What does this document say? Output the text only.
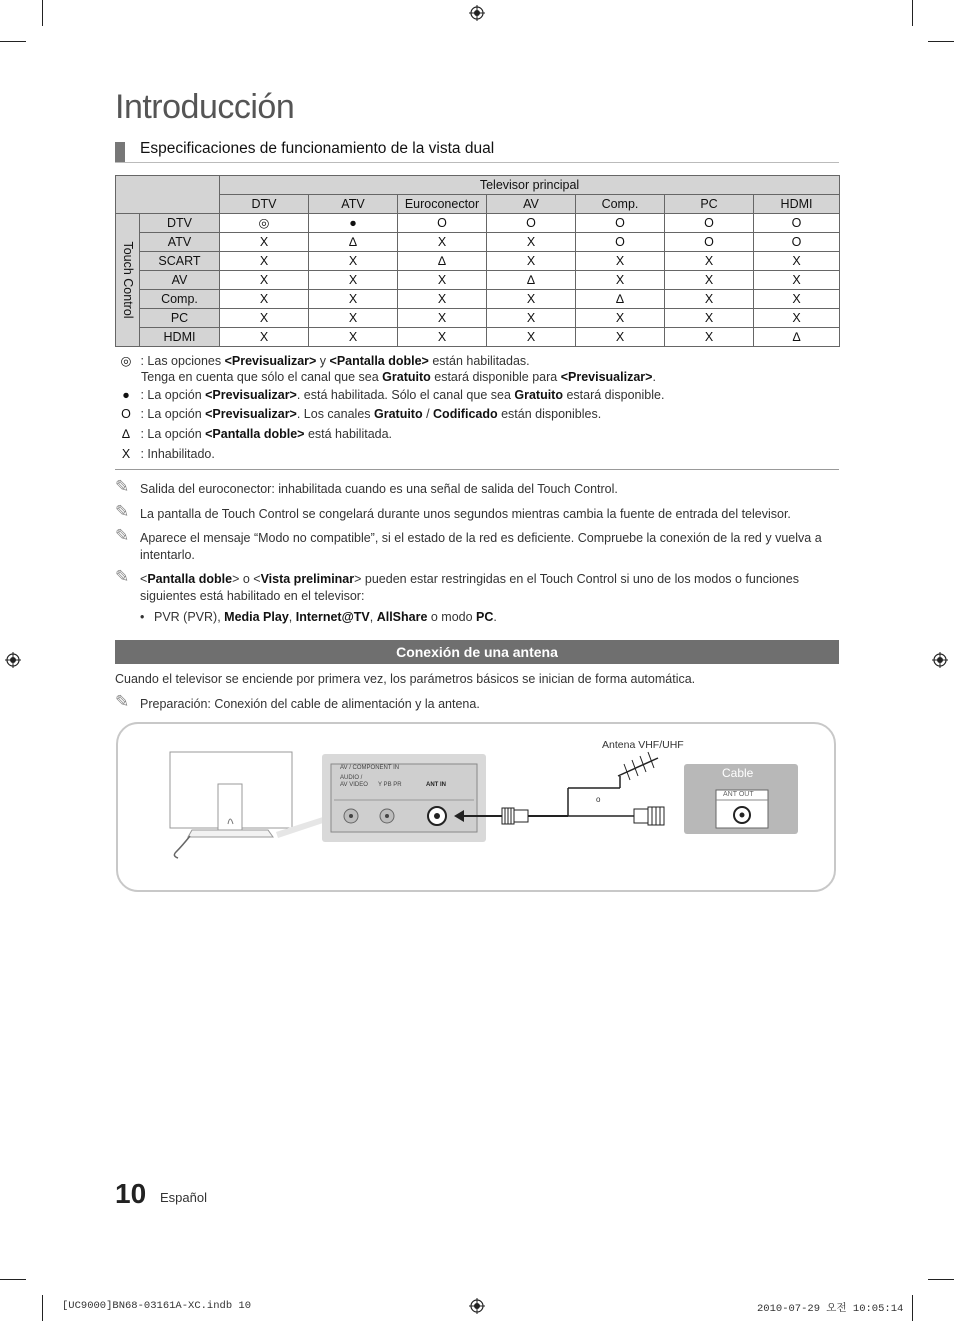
Introducción
Especificaciones de funcionamiento de la vista dual
		Televisor principal						
		DTV	ATV	Euroconector	AV	Comp.	PC	HDMI

Touch Control	DTV	◎	●	O	O	O	O	O
	ATV	X	∆	X	X	O	O	O
	SCART	X	X	∆	X	X	X	X
	AV	X	X	X	∆	X	X	X
	Comp.	X	X	X	X	∆	X	X
	PC	X	X	X	X	X	X	X
	HDMI	X	X	X	X	X	X	∆
◎ : Las opciones <Previsualizar> y <Pantalla doble> están habilitadas.
Tenga en cuenta que sólo el canal que sea Gratuito estará disponible para <Previsualizar>.
● : La opción <Previsualizar>. está habilitada. Sólo el canal que sea Gratuito estará disponible.
O : La opción <Previsualizar>. Los canales Gratuito / Codificado están disponibles.
∆ : La opción <Pantalla doble> está habilitada.
X : Inhabilitado.
✎ Salida del euroconector: inhabilitada cuando es una señal de salida del Touch Control.
✎ La pantalla de Touch Control se congelará durante unos segundos mientras cambia la fuente de entrada del televisor.
✎ Aparece el mensaje “Modo no compatible”, si el estado de la red es deficiente. Compruebe la conexión de la red y vuelva a intentarlo.
✎ <Pantalla doble> o <Vista preliminar> pueden estar restringidas en el Touch Control si uno de los modos o funciones siguientes está habilitado en el televisor:
• PVR (PVR), Media Play, Internet@TV, AllShare o modo PC.
Conexión de una antena
Cuando el televisor se enciende por primera vez, los parámetros básicos se inician de forma automática.
✎ Preparación: Conexión del cable de alimentación y la antena.
Antena VHF/UHF
Cable
ANT OUT
o
AV / COMPONENT IN
AUDIO /
AV VIDEO Y PB PR	ANT IN
10 Español
[UC9000]BN68-03161A-XC.indb 10	2010-07-29 오전 10:05:14
